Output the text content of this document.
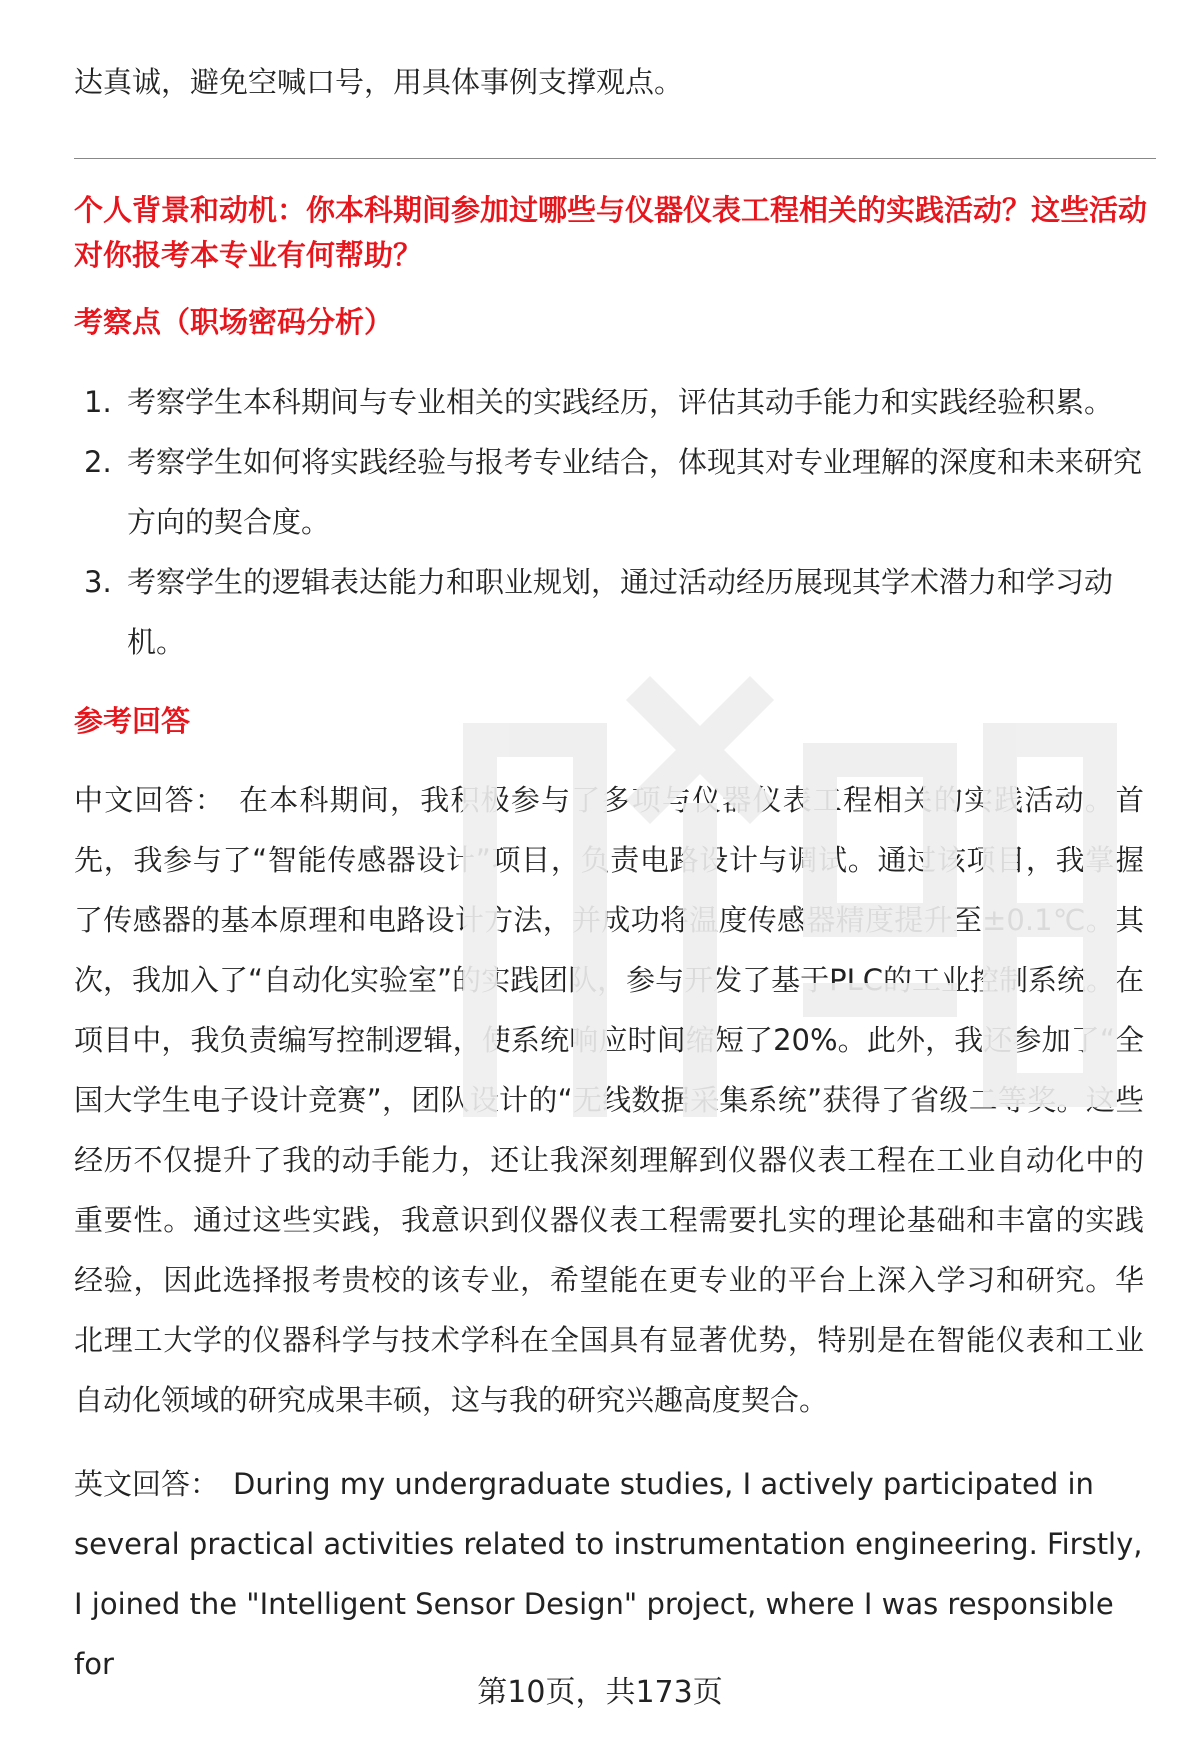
达真诚，避免空喊口号，用具体事例支撑观点。

个人背景和动机：你本科期间参加过哪些与仪器仪表工程相关的实践活动？这些活动对你报考本专业有何帮助？

考察点（职场密码分析）

1. 考察学生本科期间与专业相关的实践经历，评估其动手能力和实践经验积累。
2. 考察学生如何将实践经验与报考专业结合，体现其对专业理解的深度和未来研究方向的契合度。
3. 考察学生的逻辑表达能力和职业规划，通过活动经历展现其学术潜力和学习动机。

参考回答

中文回答： 在本科期间，我积极参与了多项与仪器仪表工程相关的实践活动。首先，我参与了“智能传感器设计”项目，负责电路设计与调试。通过该项目，我掌握了传感器的基本原理和电路设计方法，并成功将温度传感器精度提升至±0.1℃。其次，我加入了“自动化实验室”的实践团队，参与开发了基于PLC的工业控制系统。在项目中，我负责编写控制逻辑，使系统响应时间缩短了20%。此外，我还参加了“全国大学生电子设计竞赛”，团队设计的“无线数据采集系统”获得了省级二等奖。这些经历不仅提升了我的动手能力，还让我深刻理解到仪器仪表工程在工业自动化中的重要性。通过这些实践，我意识到仪器仪表工程需要扎实的理论基础和丰富的实践经验，因此选择报考贵校的该专业，希望能在更专业的平台上深入学习和研究。华北理工大学的仪器科学与技术学科在全国具有显著优势，特别是在智能仪表和工业自动化领域的研究成果丰硕，这与我的研究兴趣高度契合。

英文回答： During my undergraduate studies, I actively participated in several practical activities related to instrumentation engineering. Firstly, I joined the "Intelligent Sensor Design" project, where I was responsible for

第10页，共173页
